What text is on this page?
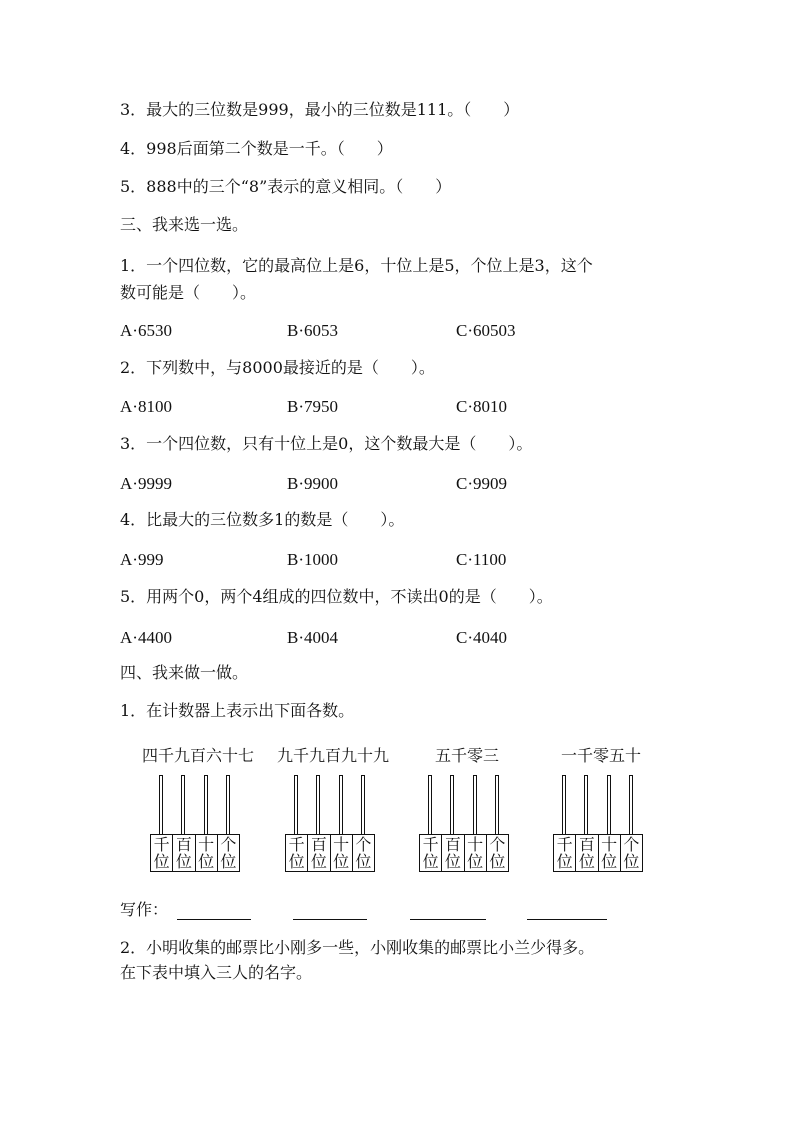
3．最大的三位数是999，最小的三位数是111。（　　）
4．998后面第二个数是一千。（　　）
5．888中的三个“8”表示的意义相同。（　　）
三、我来选一选。
1．一个四位数，它的最高位上是6，十位上是5，个位上是3，这个
数可能是（　　）。
A·6530	B·6053	C·60503
2．下列数中，与8000最接近的是（　　）。
A·8100	B·7950	C·8010
3．一个四位数，只有十位上是0，这个数最大是（　　）。
A·9999	B·9900	C·9909
4．比最大的三位数多1的数是（　　）。
A·999	B·1000	C·1100
5．用两个0，两个4组成的四位数中，不读出0的是（　　）。
A·4400	B·4004	C·4040
四、我来做一做。
1．在计数器上表示出下面各数。
四千九百六十七
千
位
百
位
十
位
个
位
九千九百九十九
千
位
百
位
十
位
个
位
五千零三
千
位
百
位
十
位
个
位
一千零五十
千
位
百
位
十
位
个
位
写作：
2．小明收集的邮票比小刚多一些，小刚收集的邮票比小兰少得多。
在下表中填入三人的名字。
